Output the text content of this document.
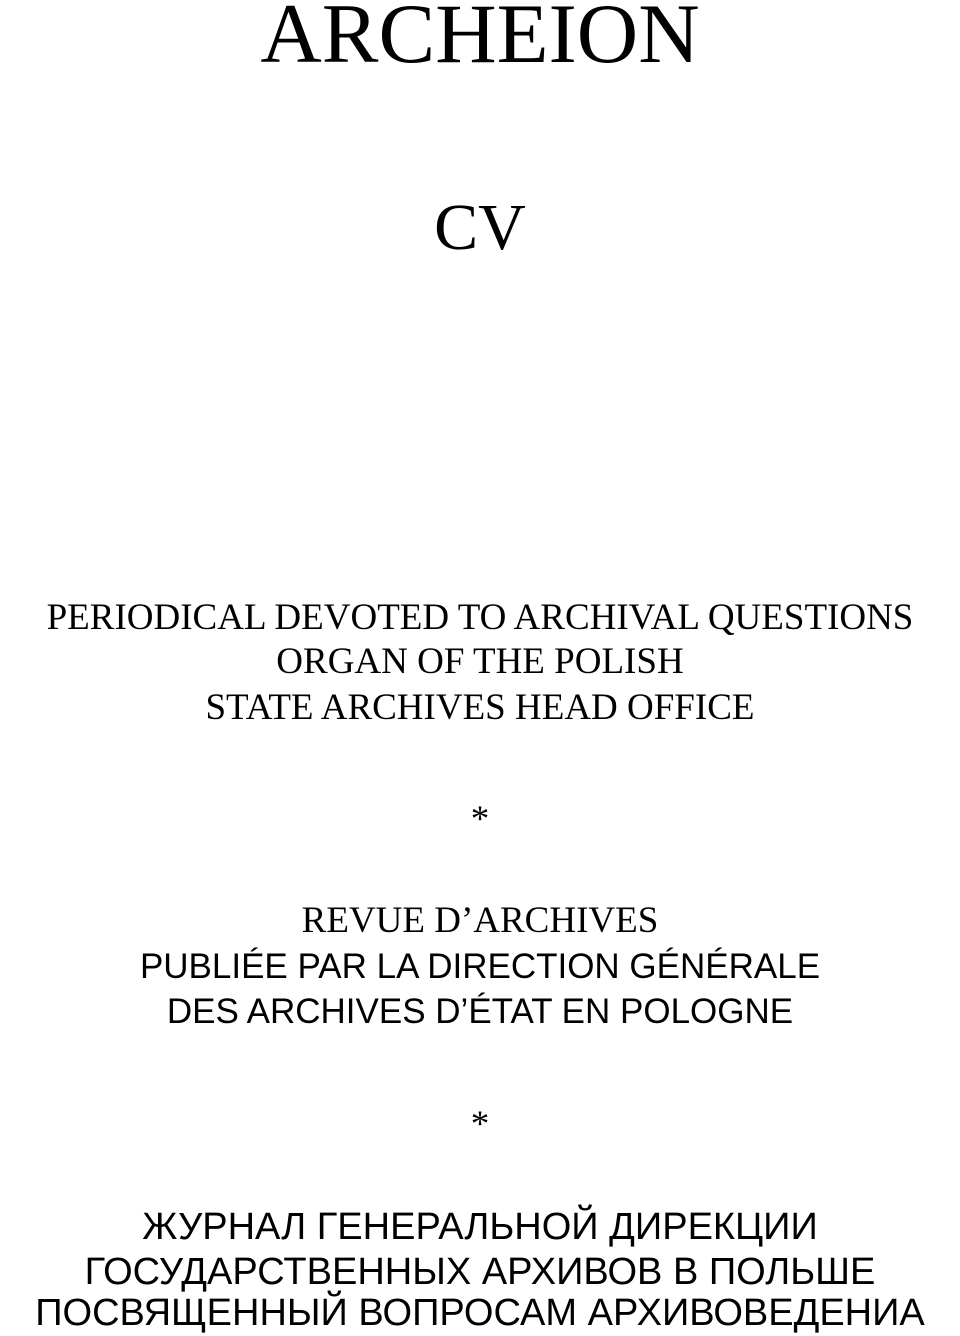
ARCHEION
CV
PERIODICAL DEVOTED TO ARCHIVAL QUESTIONS
ORGAN OF THE POLISH
STATE ARCHIVES HEAD OFFICE
*
REVUE D’ARCHIVES
PUBLIÉE PAR LA DIRECTION GÉNÉRALE
DES ARCHIVES D’ÉTAT EN POLOGNE
*
ЖУРНАЛ ГЕНЕРАЛЬНОЙ ДИРЕКЦИИ
ГОСУДАРСТВЕННЫХ АРХИВОВ В ПОЛЬШЕ
ПОСВЯЩЕННЫЙ ВОПРОСАМ АРХИВОВЕДЕНИА
